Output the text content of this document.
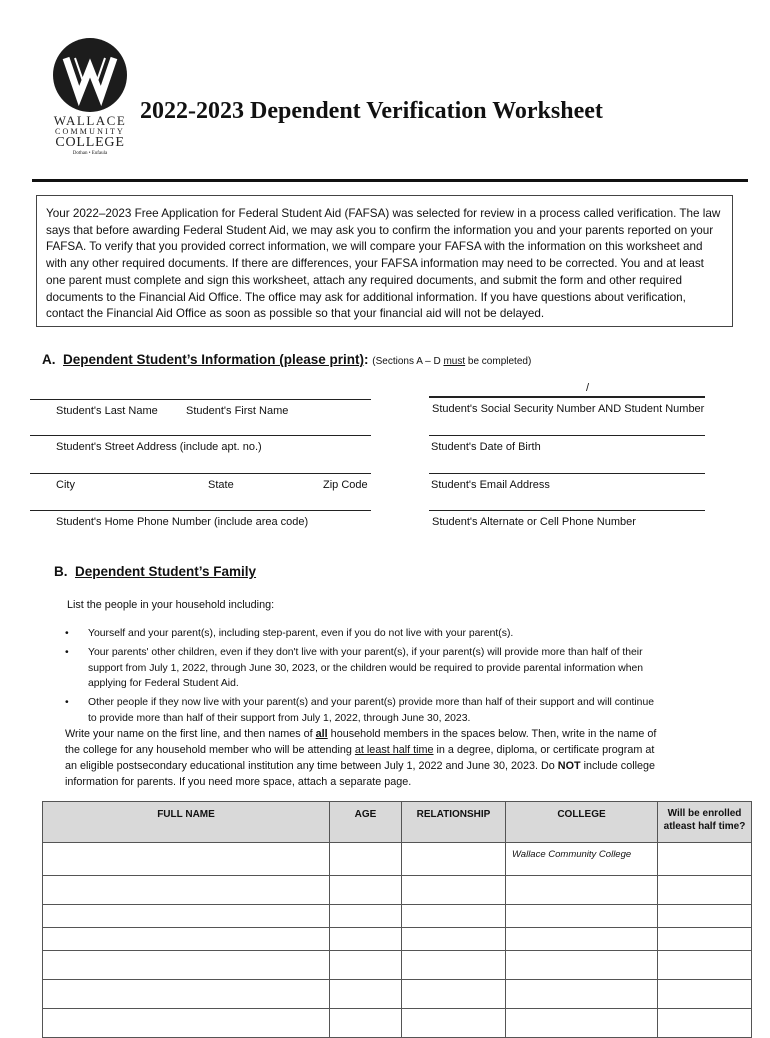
WALLACE
COMMUNITY
COLLEGE
Dothan • Eufaula
2022-2023 Dependent Verification Worksheet
Your 2022–2023 Free Application for Federal Student Aid (FAFSA) was selected for review in a process called verification. The law says that before awarding Federal Student Aid, we may ask you to confirm the information you and your parents reported on your FAFSA. To verify that you provided correct information, we will compare your FAFSA with the information on this worksheet and with any other required documents. If there are differences, your FAFSA information may need to be corrected. You and at least one parent must complete and sign this worksheet, attach any required documents, and submit the form and other required documents to the Financial Aid Office. The office may ask for additional information. If you have questions about verification, contact the Financial Aid Office as soon as possible so that your financial aid will not be delayed.
A. Dependent Student’s Information (please print): (Sections A – D must be completed)
Student's Last Name	Student's First Name
Student's Street Address (include apt. no.)
City	State	Zip Code
Student's Home Phone Number (include area code)
/
Student's Social Security Number AND Student Number
Student's Date of Birth
Student's Email Address
Student's Alternate or Cell Phone Number
B. Dependent Student’s Family
List the people in your household including:
• Yourself and your parent(s), including step-parent, even if you do not live with your parent(s).
• Your parents' other children, even if they don't live with your parent(s), if your parent(s) will provide more than half of their support from July 1, 2022, through June 30, 2023, or the children would be required to provide parental information when applying for Federal Student Aid.
• Other people if they now live with your parent(s) and your parent(s) provide more than half of their support and will continue to provide more than half of their support from July 1, 2022, through June 30, 2023.
Write your name on the first line, and then names of all household members in the spaces below. Then, write in the name of the college for any household member who will be attending at least half time in a degree, diploma, or certificate program at an eligible postsecondary educational institution any time between July 1, 2022 and June 30, 2023. Do NOT include college information for parents. If you need more space, attach a separate page.
FULL NAME	AGE	RELATIONSHIP	COLLEGE	Will be enrolled
atleast half time?
			Wallace Community College	
